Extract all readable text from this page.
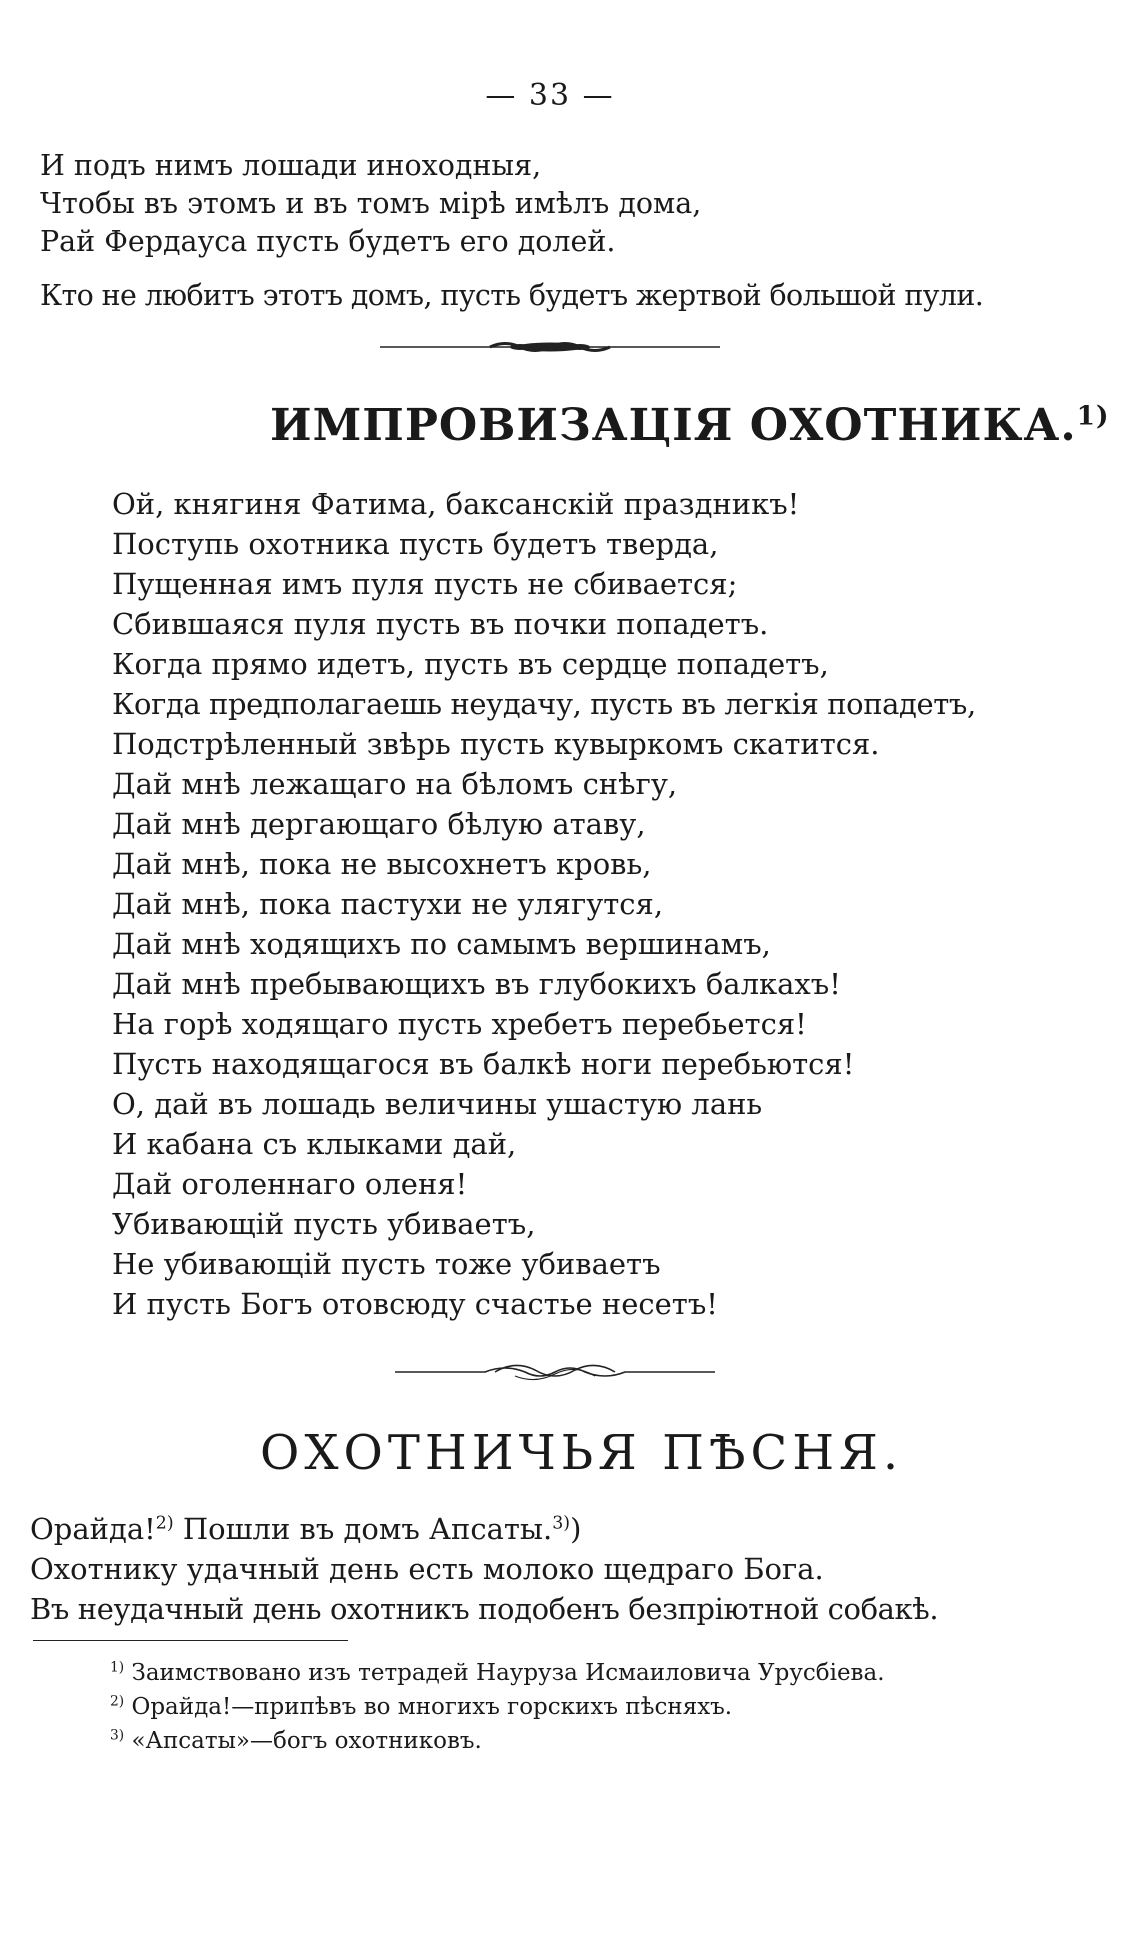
— 33 —
И подъ нимъ лошади иноходныя,
Чтобы въ этомъ и въ томъ мірѣ имѣлъ дома,
Рай Фердауса пусть будетъ его долей.
Кто не любитъ этотъ домъ, пусть будетъ жертвой большой пули.
ИМПРОВИЗАЦІЯ ОХОТНИКА.$^{1)}$
Ой, княгиня Фатима, баксанскій праздникъ!
Поступь охотника пусть будетъ тверда,
Пущенная имъ пуля пусть не сбивается;
Сбившаяся пуля пусть въ почки попадетъ.
Когда прямо идетъ, пусть въ сердце попадетъ,
Когда предполагаешь неудачу, пусть въ легкія попадетъ,
Подстрѣленный звѣрь пусть кувыркомъ скатится.
Дай мнѣ лежащаго на бѣломъ снѣгу,
Дай мнѣ дергающаго бѣлую атаву,
Дай мнѣ, пока не высохнетъ кровь,
Дай мнѣ, пока пастухи не улягутся,
Дай мнѣ ходящихъ по самымъ вершинамъ,
Дай мнѣ пребывающихъ въ глубокихъ балкахъ!
На горѣ ходящаго пусть хребетъ перебьется!
Пусть находящагося въ балкѣ ноги перебьются!
О, дай въ лошадь величины ушастую лань
И кабана съ клыками дай,
Дай оголеннаго оленя!
Убивающій пусть убиваетъ,
Не убивающій пусть тоже убиваетъ
И пусть Богъ отовсюду счастье несетъ!
ОХОТНИЧЬЯ ПѢСНЯ.
Орайда!$^{2)}$ Пошли въ домъ Апсаты.$^{3)}$)
Охотнику удачный день есть молоко щедраго Бога.
Въ неудачный день охотникъ подобенъ безпріютной собакѣ.
$^{1)}$ Заимствовано изъ тетрадей Науруза Исмаиловича Урусбіева.
$^{2)}$ Орайда!—припѣвъ во многихъ горскихъ пѣсняхъ.
$^{3)}$ «Апсаты»—богъ охотниковъ.
